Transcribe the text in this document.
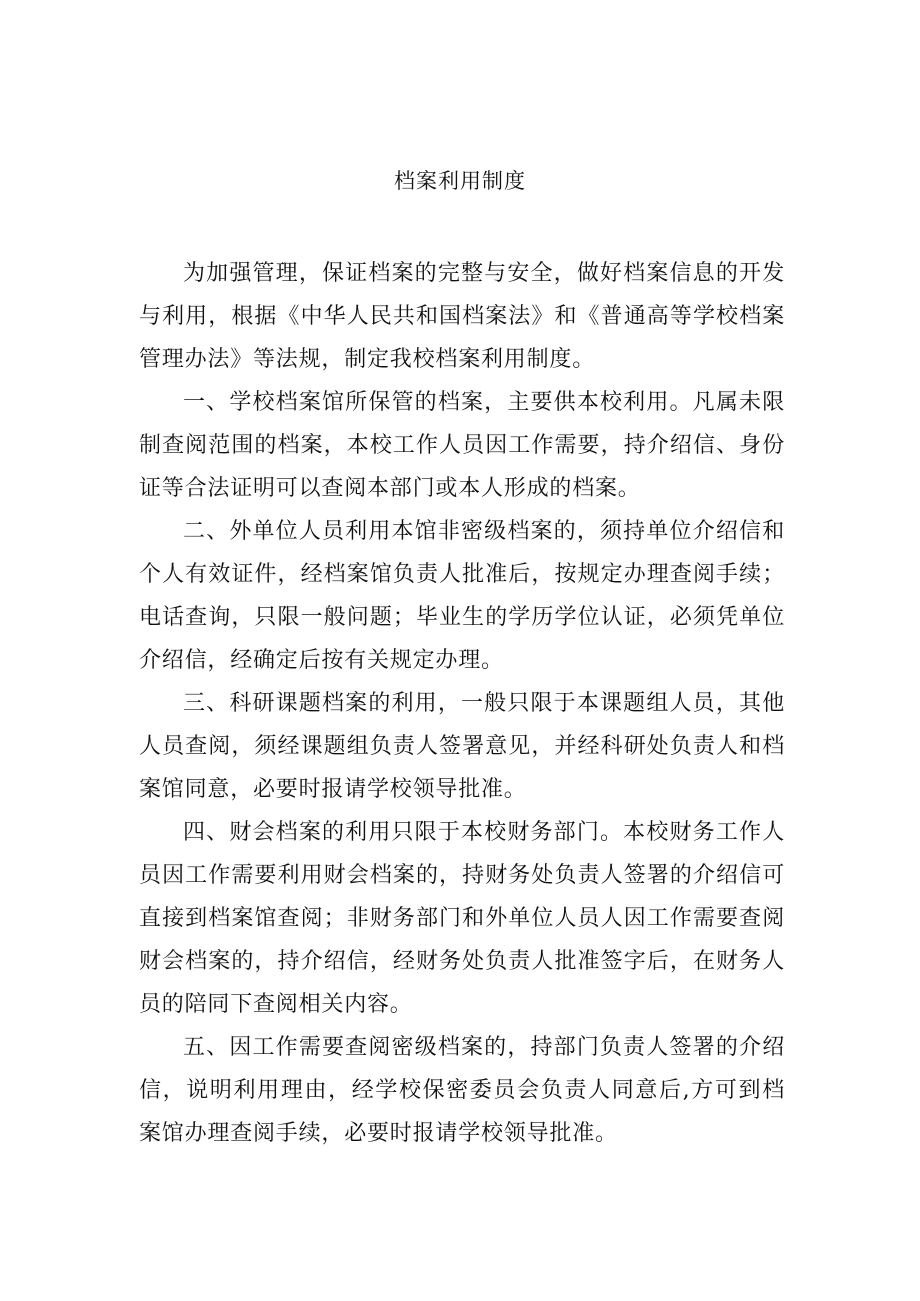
档案利用制度

为加强管理，保证档案的完整与安全，做好档案信息的开发与利用，根据《中华人民共和国档案法》和《普通高等学校档案管理办法》等法规，制定我校档案利用制度。

一、学校档案馆所保管的档案，主要供本校利用。凡属未限制查阅范围的档案，本校工作人员因工作需要，持介绍信、身份证等合法证明可以查阅本部门或本人形成的档案。

二、外单位人员利用本馆非密级档案的，须持单位介绍信和个人有效证件，经档案馆负责人批准后，按规定办理查阅手续；电话查询，只限一般问题；毕业生的学历学位认证，必须凭单位介绍信，经确定后按有关规定办理。

三、科研课题档案的利用，一般只限于本课题组人员，其他人员查阅，须经课题组负责人签署意见，并经科研处负责人和档案馆同意，必要时报请学校领导批准。

四、财会档案的利用只限于本校财务部门。本校财务工作人员因工作需要利用财会档案的，持财务处负责人签署的介绍信可直接到档案馆查阅；非财务部门和外单位人员人因工作需要查阅财会档案的，持介绍信，经财务处负责人批准签字后，在财务人员的陪同下查阅相关内容。

五、因工作需要查阅密级档案的，持部门负责人签署的介绍信，说明利用理由，经学校保密委员会负责人同意后,方可到档案馆办理查阅手续，必要时报请学校领导批准。
